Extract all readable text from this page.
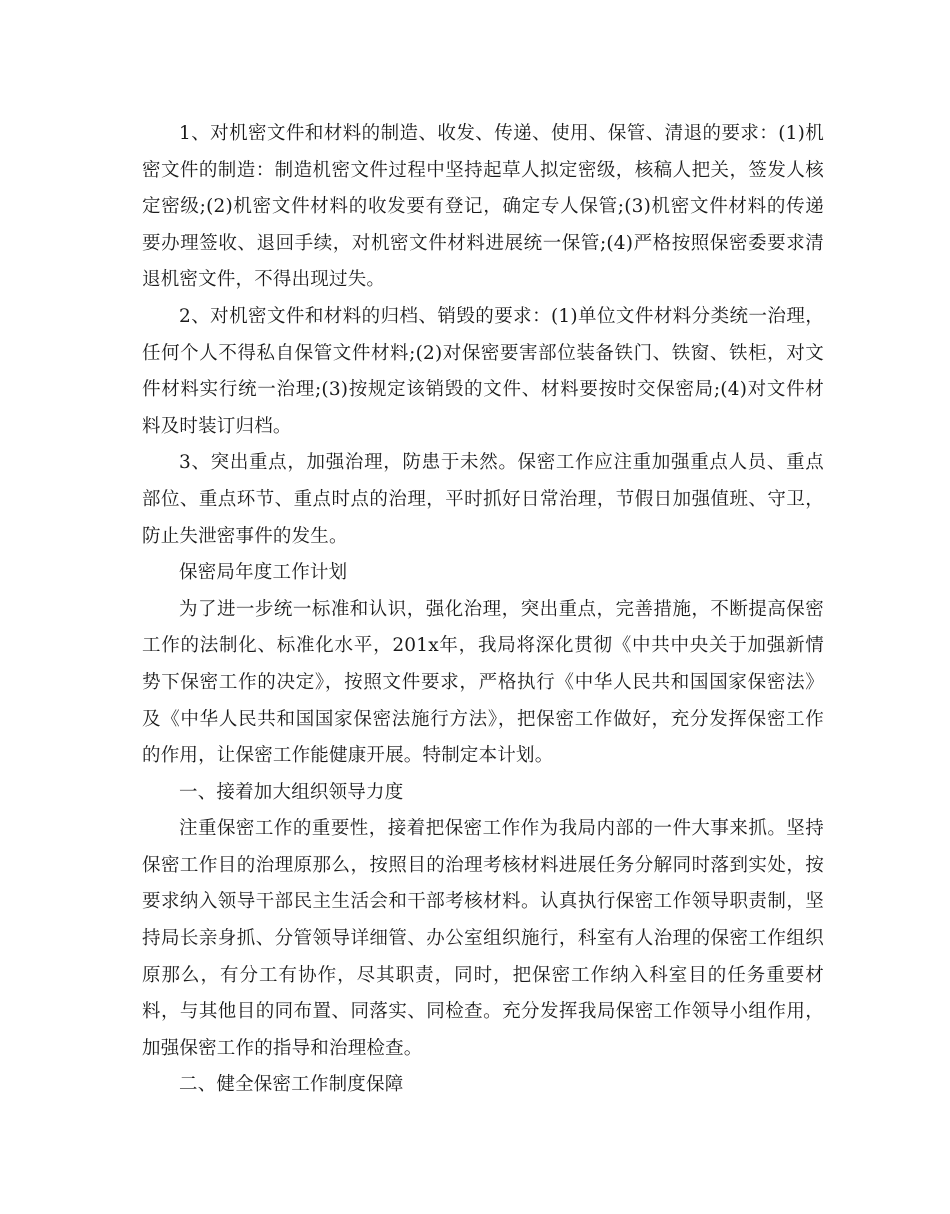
1、对机密文件和材料的制造、收发、传递、使用、保管、清退的要求：(1)机密文件的制造：制造机密文件过程中坚持起草人拟定密级，核稿人把关，签发人核定密级;(2)机密文件材料的收发要有登记，确定专人保管;(3)机密文件材料的传递要办理签收、退回手续，对机密文件材料进展统一保管;(4)严格按照保密委要求清退机密文件，不得出现过失。

2、对机密文件和材料的归档、销毁的要求：(1)单位文件材料分类统一治理，任何个人不得私自保管文件材料;(2)对保密要害部位装备铁门、铁窗、铁柜，对文件材料实行统一治理;(3)按规定该销毁的文件、材料要按时交保密局;(4)对文件材料及时装订归档。

3、突出重点，加强治理，防患于未然。保密工作应注重加强重点人员、重点部位、重点环节、重点时点的治理，平时抓好日常治理，节假日加强值班、守卫，防止失泄密事件的发生。

保密局年度工作计划

为了进一步统一标准和认识，强化治理，突出重点，完善措施，不断提高保密工作的法制化、标准化水平，201x年，我局将深化贯彻《中共中央关于加强新情势下保密工作的决定》，按照文件要求，严格执行《中华人民共和国国家保密法》及《中华人民共和国国家保密法施行方法》，把保密工作做好，充分发挥保密工作的作用，让保密工作能健康开展。特制定本计划。

一、接着加大组织领导力度

注重保密工作的重要性，接着把保密工作作为我局内部的一件大事来抓。坚持保密工作目的治理原那么，按照目的治理考核材料进展任务分解同时落到实处，按要求纳入领导干部民主生活会和干部考核材料。认真执行保密工作领导职责制，坚持局长亲身抓、分管领导详细管、办公室组织施行，科室有人治理的保密工作组织原那么，有分工有协作，尽其职责，同时，把保密工作纳入科室目的任务重要材料，与其他目的同布置、同落实、同检查。充分发挥我局保密工作领导小组作用，加强保密工作的指导和治理检查。

二、健全保密工作制度保障
